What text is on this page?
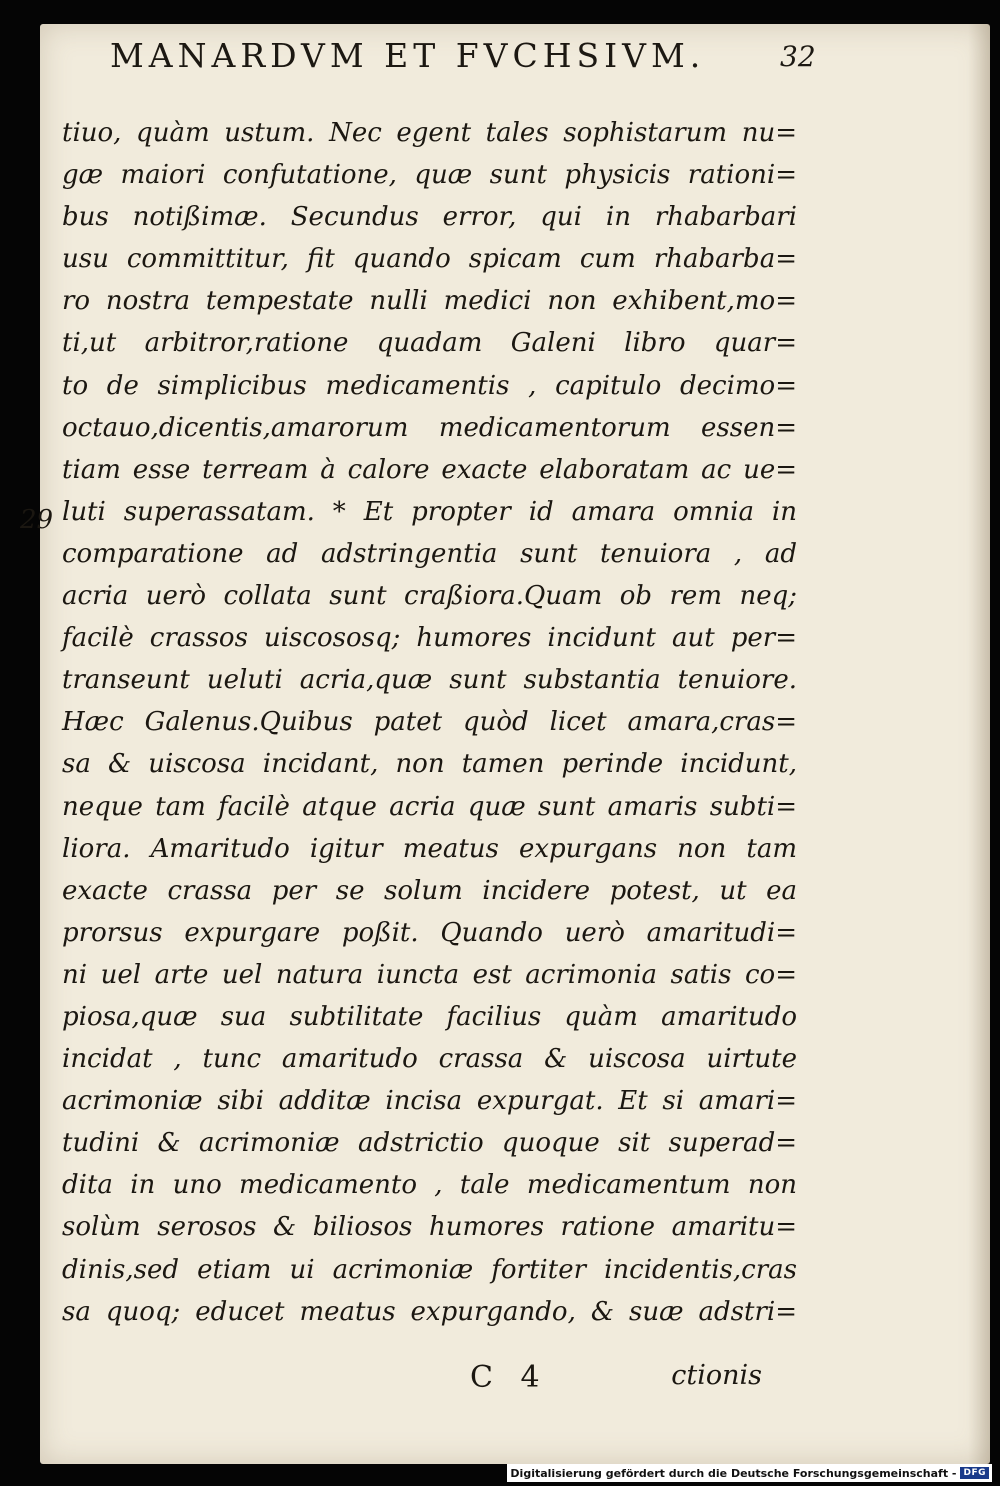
MANARDVM ET FVCHSIVM.	32
29
tiuo, quàm ustum. Nec egent tales sophistarum nu=
gæ maiori confutatione, quæ sunt physicis rationi=
bus notißimæ. Secundus error, qui in rhabarbari
usu committitur, fit quando spicam cum rhabarba=
ro nostra tempestate nulli medici non exhibent,mo=
ti,ut arbitror,ratione quadam Galeni libro quar=
to de simplicibus medicamentis , capitulo decimo=
octauo,dicentis,amarorum medicamentorum essen=
tiam esse terream à calore exacte elaboratam ac ue=
luti superassatam. * Et propter id amara omnia in
comparatione ad adstringentia sunt tenuiora , ad
acria uerò collata sunt craßiora.Quam ob rem neq;
facilè crassos uiscososq; humores incidunt aut per=
transeunt ueluti acria,quæ sunt substantia tenuiore.
Hæc Galenus.Quibus patet quòd licet amara,cras=
sa & uiscosa incidant, non tamen perinde incidunt,
neque tam facilè atque acria quæ sunt amaris subti=
liora. Amaritudo igitur meatus expurgans non tam
exacte crassa per se solum incidere potest, ut ea
prorsus expurgare poßit. Quando uerò amaritudi=
ni uel arte uel natura iuncta est acrimonia satis co=
piosa,quæ sua subtilitate facilius quàm amaritudo
incidat , tunc amaritudo crassa & uiscosa uirtute
acrimoniæ sibi additæ incisa expurgat. Et si amari=
tudini & acrimoniæ adstrictio quoque sit superad=
dita in uno medicamento , tale medicamentum non
solùm serosos & biliosos humores ratione amaritu=
dinis,sed etiam ui acrimoniæ fortiter incidentis,cras
sa quoq; educet meatus expurgando, & suæ adstri=
C 4	ctionis
Digitalisierung gefördert durch die Deutsche Forschungsgemeinschaft - DFG
